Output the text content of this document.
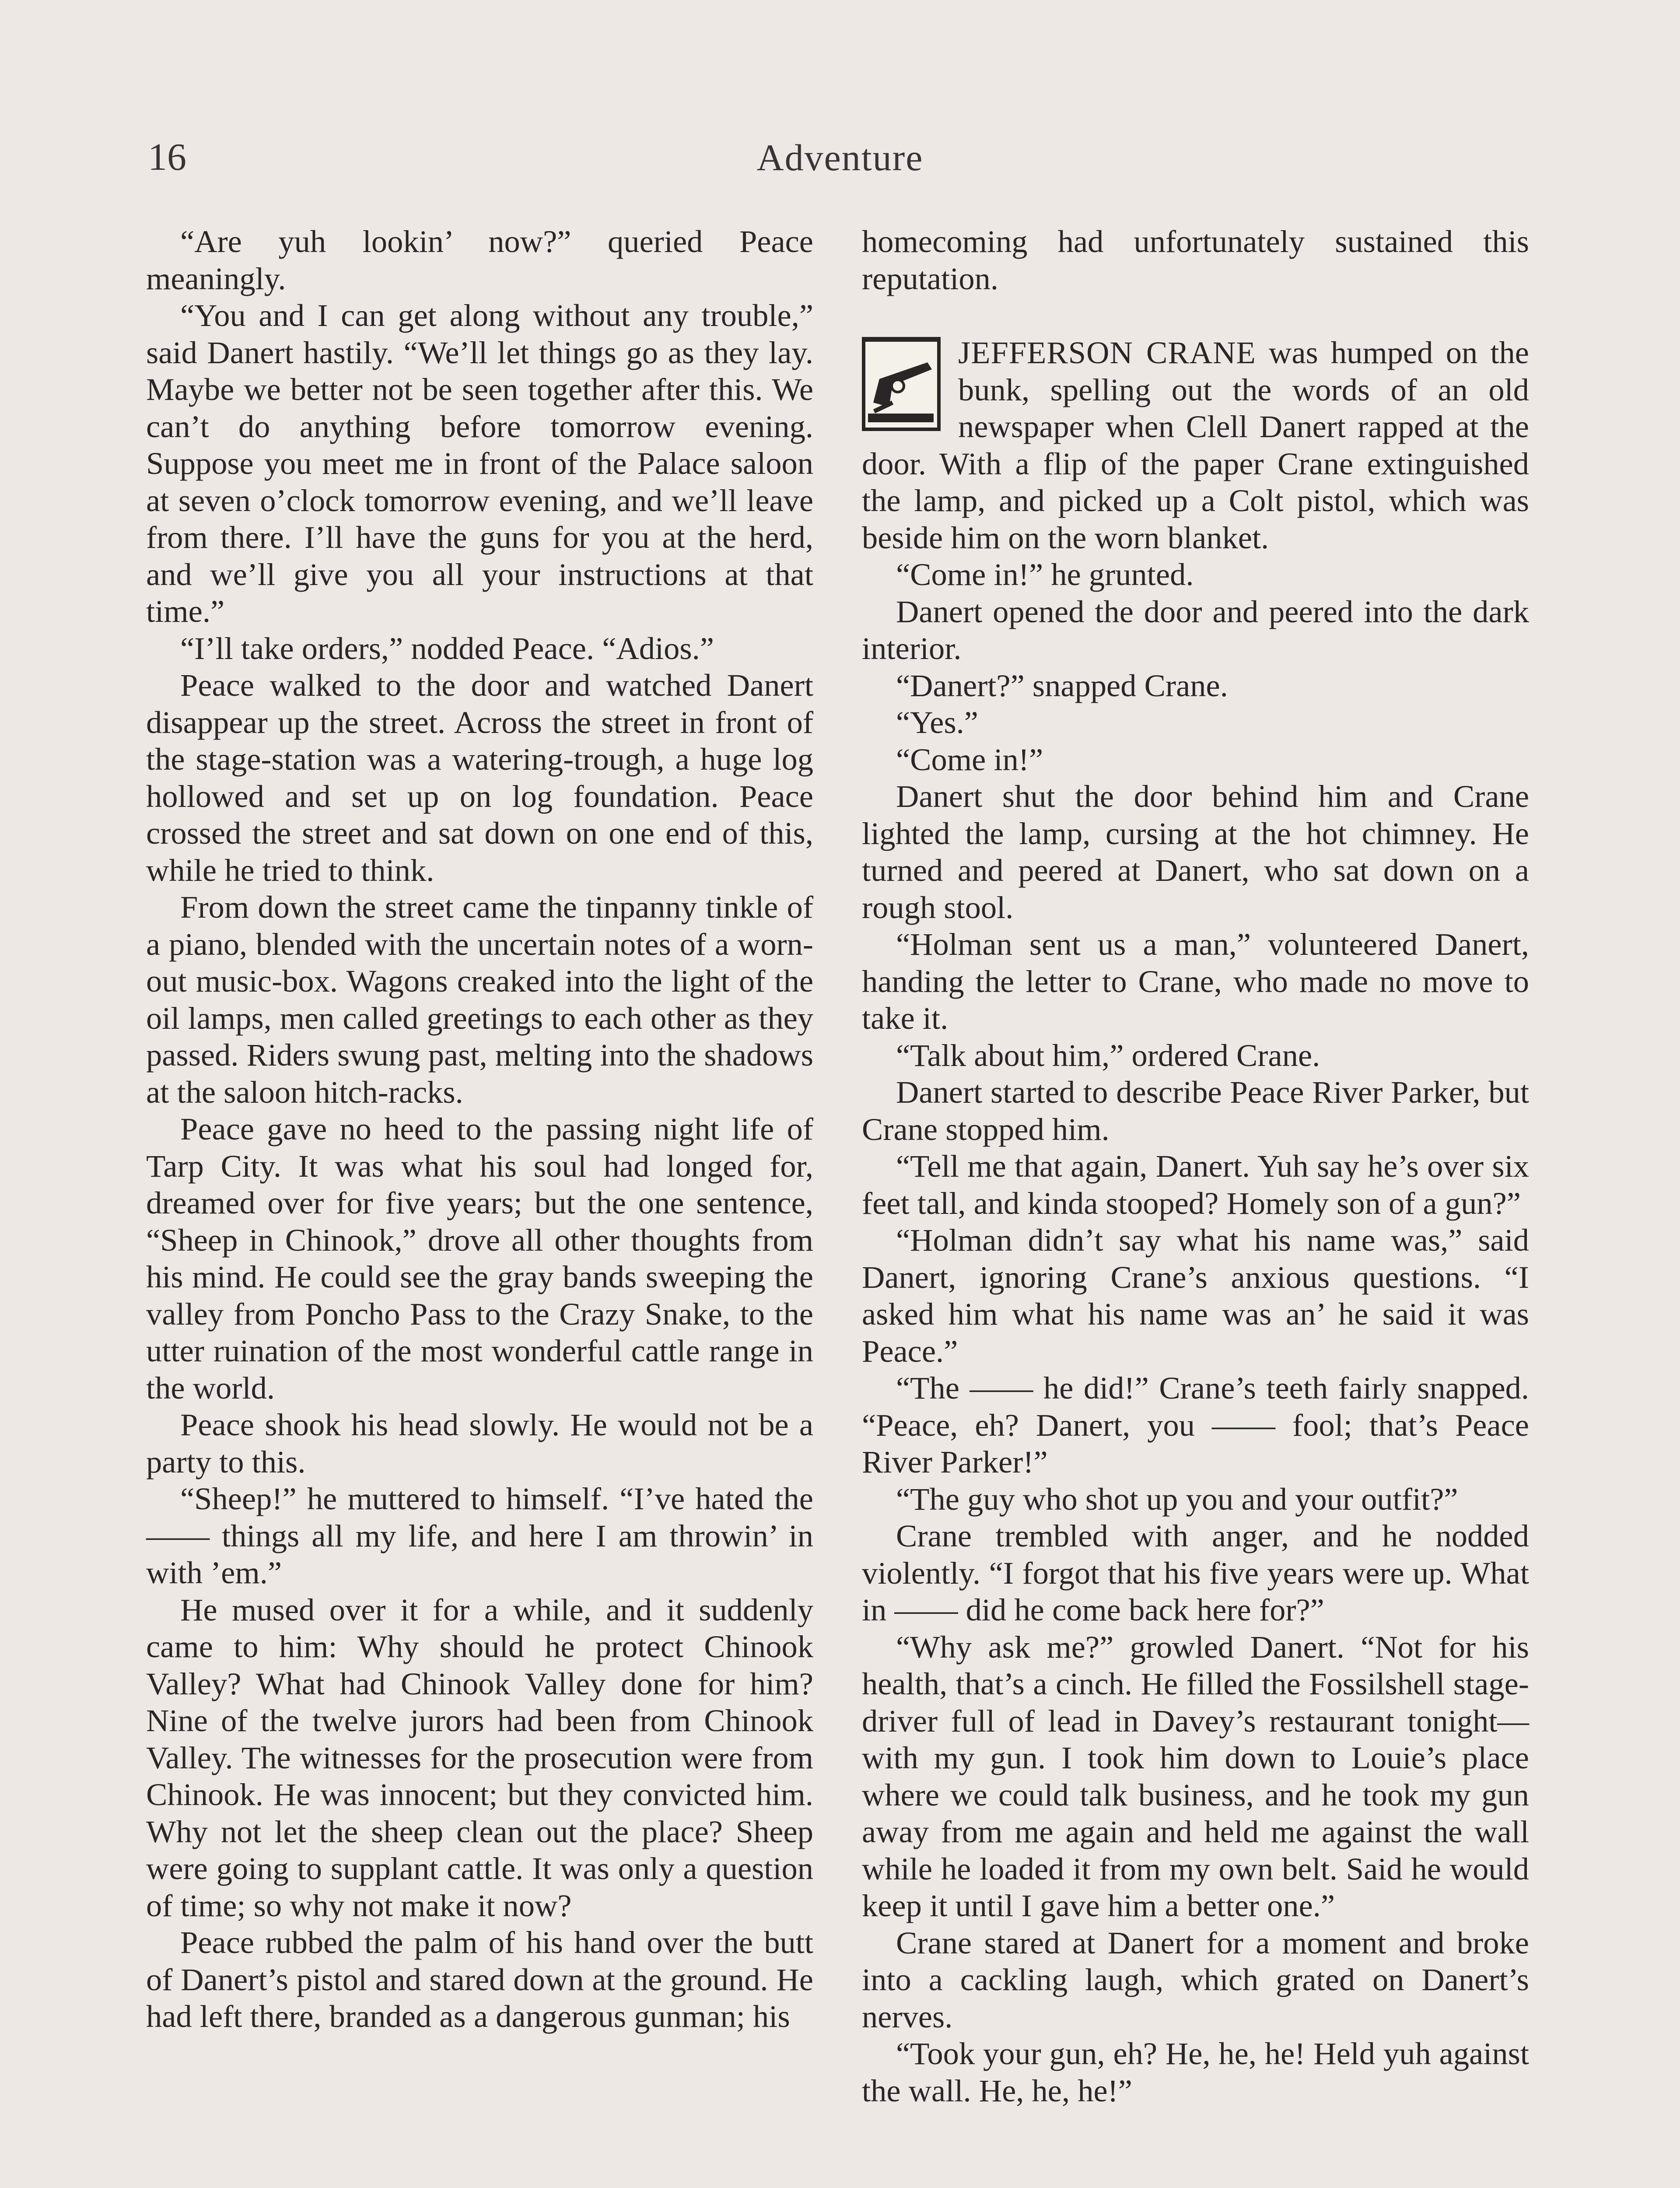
16	Adventure

“Are yuh lookin’ now?” queried Peace meaningly.

“You and I can get along without any trouble,” said Danert hastily. “We’ll let things go as they lay. Maybe we better not be seen together after this. We can’t do anything before tomorrow evening. Suppose you meet me in front of the Palace saloon at seven o’clock tomorrow evening, and we’ll leave from there. I’ll have the guns for you at the herd, and we’ll give you all your instructions at that time.”

“I’ll take orders,” nodded Peace. “Adios.”

Peace walked to the door and watched Danert disappear up the street. Across the street in front of the stage-station was a watering-trough, a huge log hollowed and set up on log foundation. Peace crossed the street and sat down on one end of this, while he tried to think.

From down the street came the tinpanny tinkle of a piano, blended with the uncertain notes of a worn-out music-box. Wagons creaked into the light of the oil lamps, men called greetings to each other as they passed. Riders swung past, melting into the shadows at the saloon hitch-racks.

Peace gave no heed to the passing night life of Tarp City. It was what his soul had longed for, dreamed over for five years; but the one sentence, “Sheep in Chinook,” drove all other thoughts from his mind. He could see the gray bands sweeping the valley from Poncho Pass to the Crazy Snake, to the utter ruination of the most wonderful cattle range in the world.

Peace shook his head slowly. He would not be a party to this.

“Sheep!” he muttered to himself. “I’ve hated the —— things all my life, and here I am throwin’ in with ’em.”

He mused over it for a while, and it suddenly came to him: Why should he protect Chinook Valley? What had Chinook Valley done for him? Nine of the twelve jurors had been from Chinook Valley. The witnesses for the prosecution were from Chinook. He was innocent; but they convicted him. Why not let the sheep clean out the place? Sheep were going to supplant cattle. It was only a question of time; so why not make it now?

Peace rubbed the palm of his hand over the butt of Danert’s pistol and stared down at the ground. He had left there, branded as a dangerous gunman; his

homecoming had unfortunately sustained this reputation.

JEFFERSON CRANE was humped on the bunk, spelling out the words of an old newspaper when Clell Danert rapped at the door. With a flip of the paper Crane extinguished the lamp, and picked up a Colt pistol, which was beside him on the worn blanket.

“Come in!” he grunted.

Danert opened the door and peered into the dark interior.

“Danert?” snapped Crane.

“Yes.”

“Come in!”

Danert shut the door behind him and Crane lighted the lamp, cursing at the hot chimney. He turned and peered at Danert, who sat down on a rough stool.

“Holman sent us a man,” volunteered Danert, handing the letter to Crane, who made no move to take it.

“Talk about him,” ordered Crane.

Danert started to describe Peace River Parker, but Crane stopped him.

“Tell me that again, Danert. Yuh say he’s over six feet tall, and kinda stooped? Homely son of a gun?”

“Holman didn’t say what his name was,” said Danert, ignoring Crane’s anxious questions. “I asked him what his name was an’ he said it was Peace.”

“The —— he did!” Crane’s teeth fairly snapped. “Peace, eh? Danert, you —— fool; that’s Peace River Parker!”

“The guy who shot up you and your outfit?”

Crane trembled with anger, and he nodded violently. “I forgot that his five years were up. What in —— did he come back here for?”

“Why ask me?” growled Danert. “Not for his health, that’s a cinch. He filled the Fossilshell stage-driver full of lead in Davey’s restaurant tonight—with my gun. I took him down to Louie’s place where we could talk business, and he took my gun away from me again and held me against the wall while he loaded it from my own belt. Said he would keep it until I gave him a better one.”

Crane stared at Danert for a moment and broke into a cackling laugh, which grated on Danert’s nerves.

“Took your gun, eh? He, he, he! Held yuh against the wall. He, he, he!”
